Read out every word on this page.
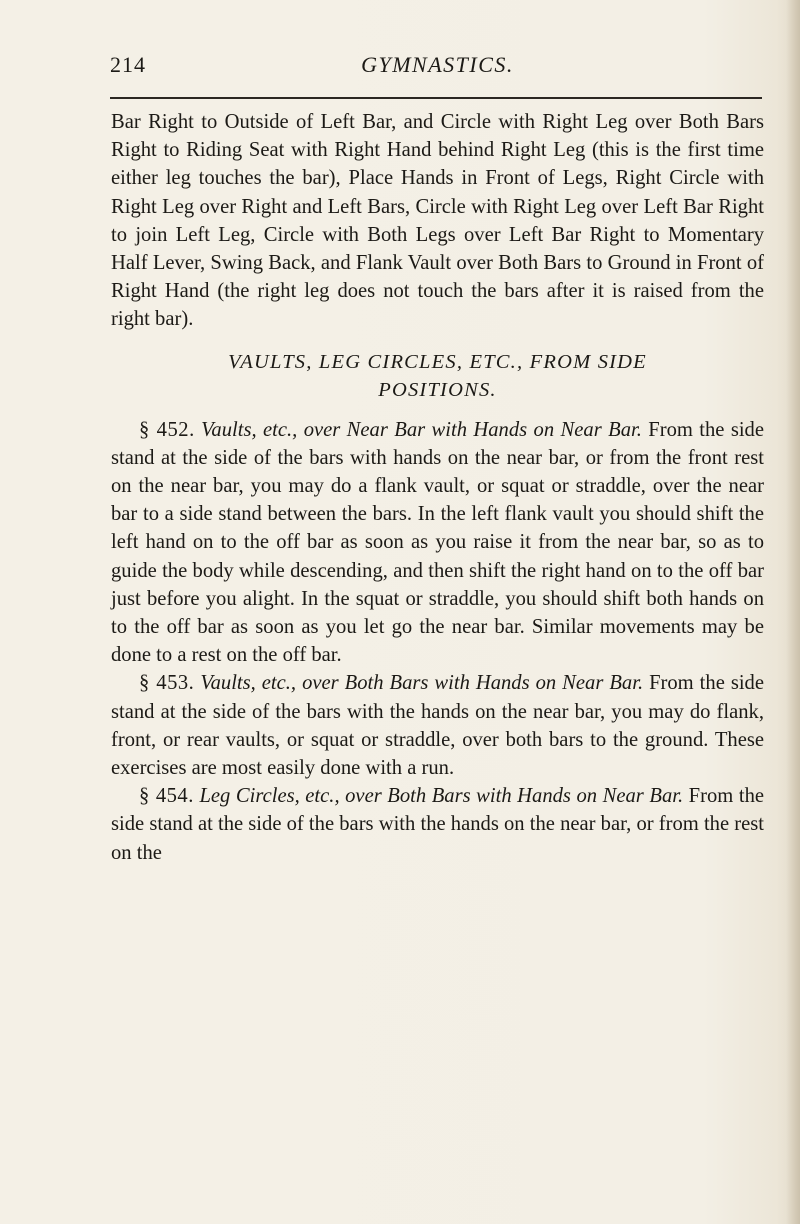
214	GYMNASTICS.

Bar Right to Outside of Left Bar, and Circle with Right Leg over Both Bars Right to Riding Seat with Right Hand behind Right Leg (this is the first time either leg touches the bar), Place Hands in Front of Legs, Right Circle with Right Leg over Right and Left Bars, Circle with Right Leg over Left Bar Right to join Left Leg, Circle with Both Legs over Left Bar Right to Momentary Half Lever, Swing Back, and Flank Vault over Both Bars to Ground in Front of Right Hand (the right leg does not touch the bars after it is raised from the right bar).

VAULTS, LEG CIRCLES, ETC., FROM SIDE
POSITIONS.

§ 452. Vaults, etc., over Near Bar with Hands on Near Bar. From the side stand at the side of the bars with hands on the near bar, or from the front rest on the near bar, you may do a flank vault, or squat or straddle, over the near bar to a side stand between the bars. In the left flank vault you should shift the left hand on to the off bar as soon as you raise it from the near bar, so as to guide the body while descending, and then shift the right hand on to the off bar just before you alight. In the squat or straddle, you should shift both hands on to the off bar as soon as you let go the near bar. Similar movements may be done to a rest on the off bar.

§ 453. Vaults, etc., over Both Bars with Hands on Near Bar. From the side stand at the side of the bars with the hands on the near bar, you may do flank, front, or rear vaults, or squat or straddle, over both bars to the ground. These exercises are most easily done with a run.

§ 454. Leg Circles, etc., over Both Bars with Hands on Near Bar. From the side stand at the side of the bars with the hands on the near bar, or from the rest on the
